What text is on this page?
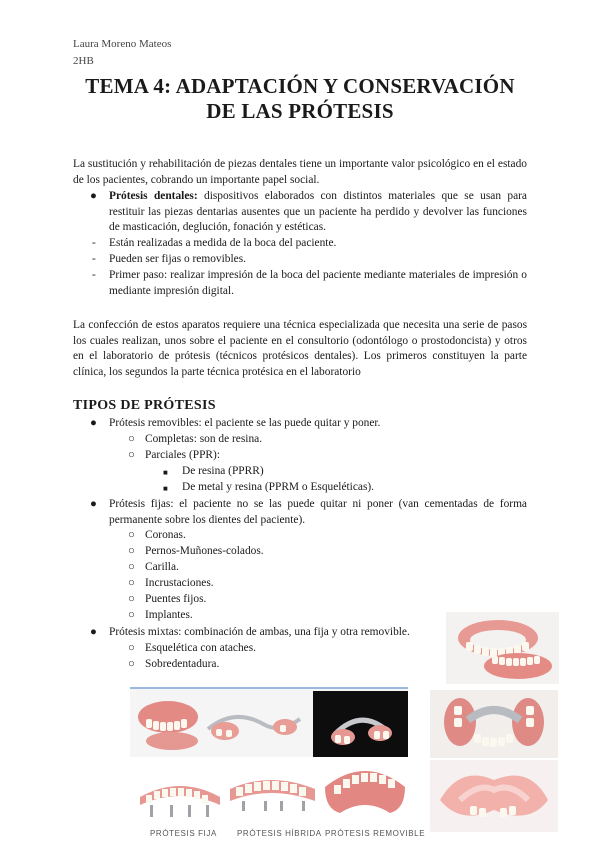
Laura Moreno Mateos
2HB
TEMA 4: ADAPTACIÓN Y CONSERVACIÓN
DE LAS PRÓTESIS
La sustitución y rehabilitación de piezas dentales tiene un importante valor psicológico en el estado de los pacientes, cobrando un importante papel social.
● Prótesis dentales: dispositivos elaborados con distintos materiales que se usan para restituir las piezas dentarias ausentes que un paciente ha perdido y devolver las funciones de masticación, deglución, fonación y estéticas.
- Están realizadas a medida de la boca del paciente.
- Pueden ser fijas o removibles.
- Primer paso: realizar impresión de la boca del paciente mediante materiales de impresión o mediante impresión digital.
La confección de estos aparatos requiere una técnica especializada que necesita una serie de pasos los cuales realizan, unos sobre el paciente en el consultorio (odontólogo o prostodoncista) y otros en el laboratorio de prótesis (técnicos protésicos dentales). Los primeros constituyen la parte clínica, los segundos la parte técnica protésica en el laboratorio
TIPOS DE PRÓTESIS
● Prótesis removibles: el paciente se las puede quitar y poner.
○ Completas: son de resina.
○ Parciales (PPR):
■ De resina (PPRR)
■ De metal y resina (PPRM o Esqueléticas).
● Prótesis fijas: el paciente no se las puede quitar ni poner (van cementadas de forma permanente sobre los dientes del paciente).
○ Coronas.
○ Pernos-Muñones-colados.
○ Carilla.
○ Incrustaciones.
○ Puentes fijos.
○ Implantes.
● Prótesis mixtas: combinación de ambas, una fija y otra removible.
○ Esquelética con ataches.
○ Sobredentadura.
PRÓTESIS FIJA	PRÓTESIS HÍBRIDA PRÓTESIS REMOVIBLE
